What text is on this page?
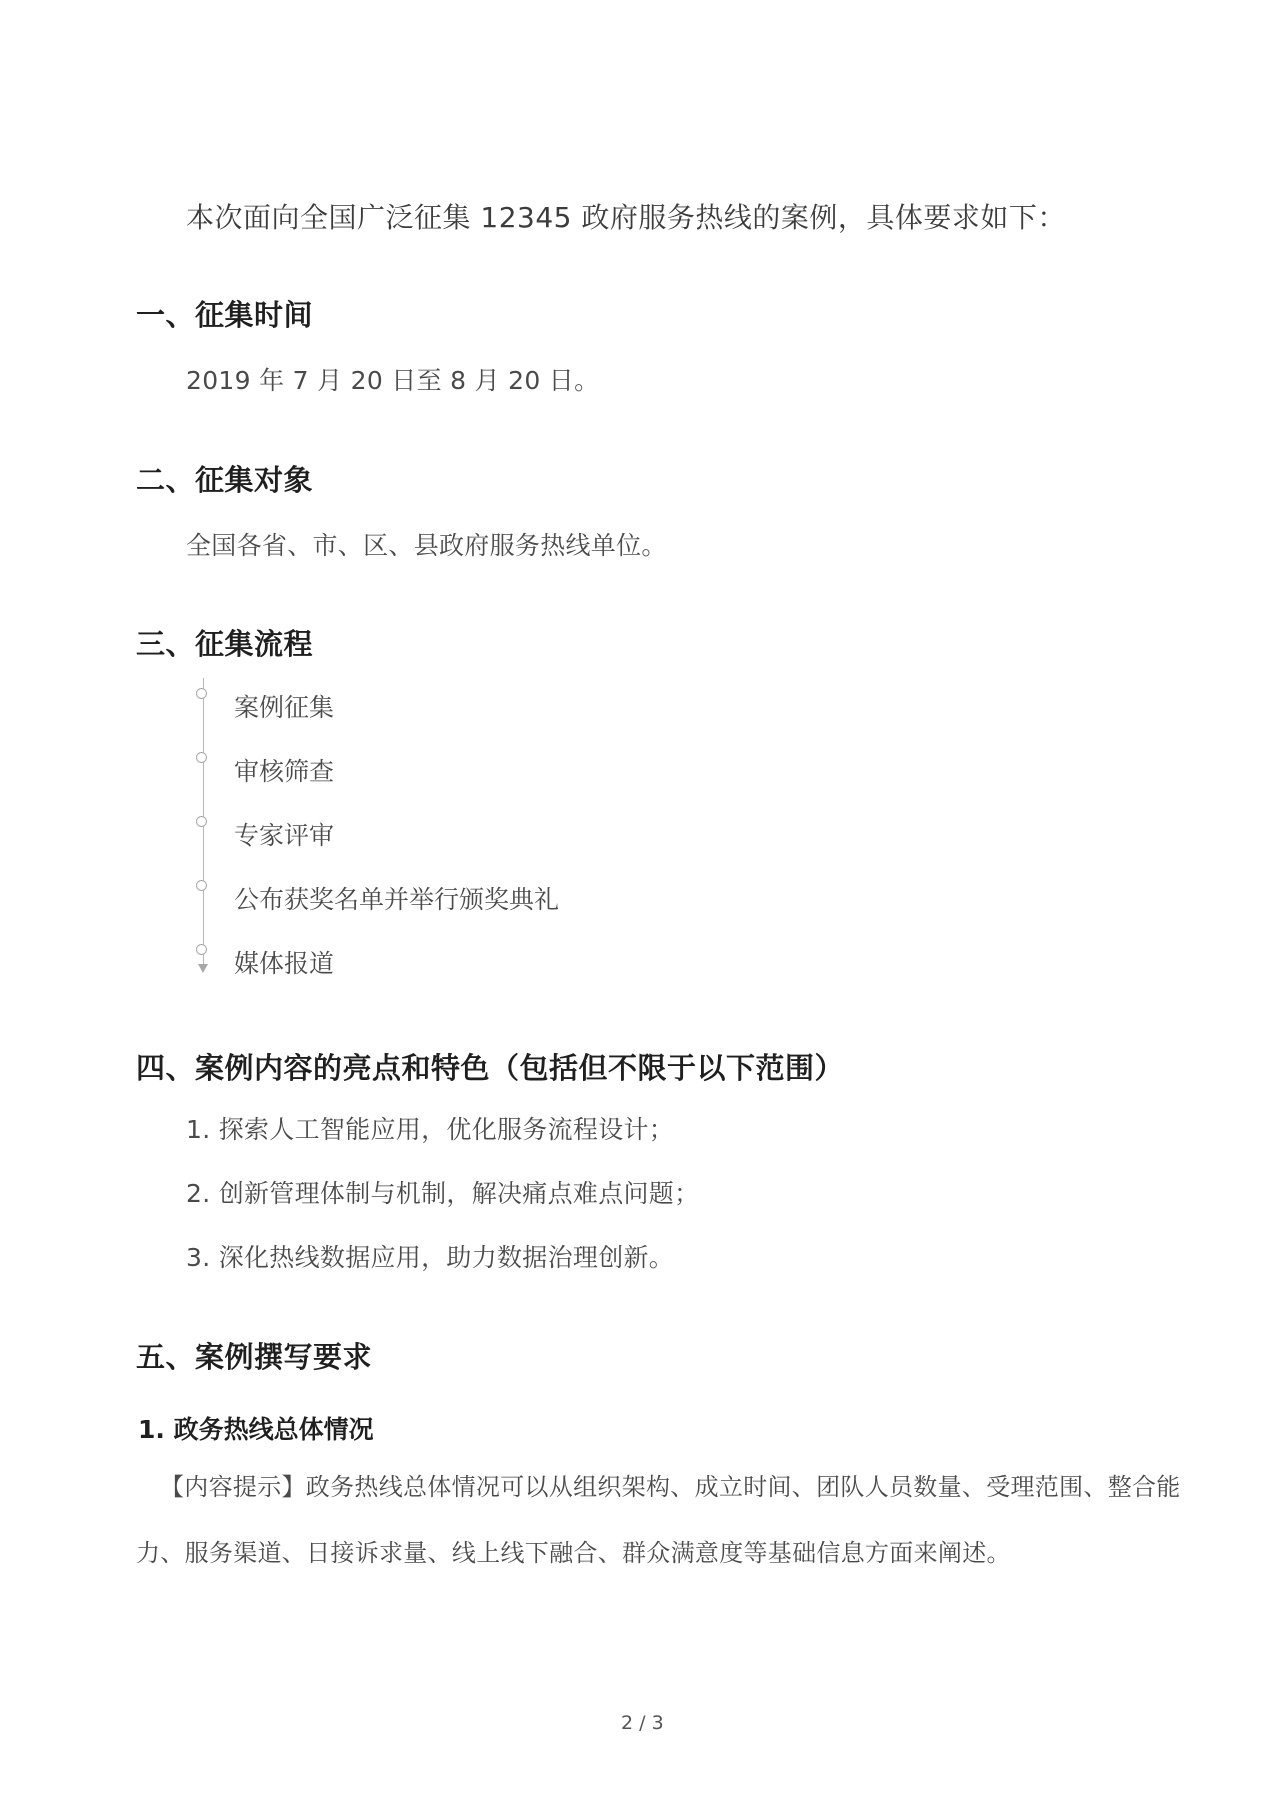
本次面向全国广泛征集 12345 政府服务热线的案例，具体要求如下：
一、征集时间
2019 年 7 月 20 日至 8 月 20 日。
二、征集对象
全国各省、市、区、县政府服务热线单位。
三、征集流程
案例征集
审核筛查
专家评审
公布获奖名单并举行颁奖典礼
媒体报道
四、案例内容的亮点和特色（包括但不限于以下范围）
1. 探索人工智能应用，优化服务流程设计；
2. 创新管理体制与机制，解决痛点难点问题；
3. 深化热线数据应用，助力数据治理创新。
五、案例撰写要求
1. 政务热线总体情况
【内容提示】政务热线总体情况可以从组织架构、成立时间、团队人员数量、受理范围、整合能
力、服务渠道、日接诉求量、线上线下融合、群众满意度等基础信息方面来阐述。
2 / 3
